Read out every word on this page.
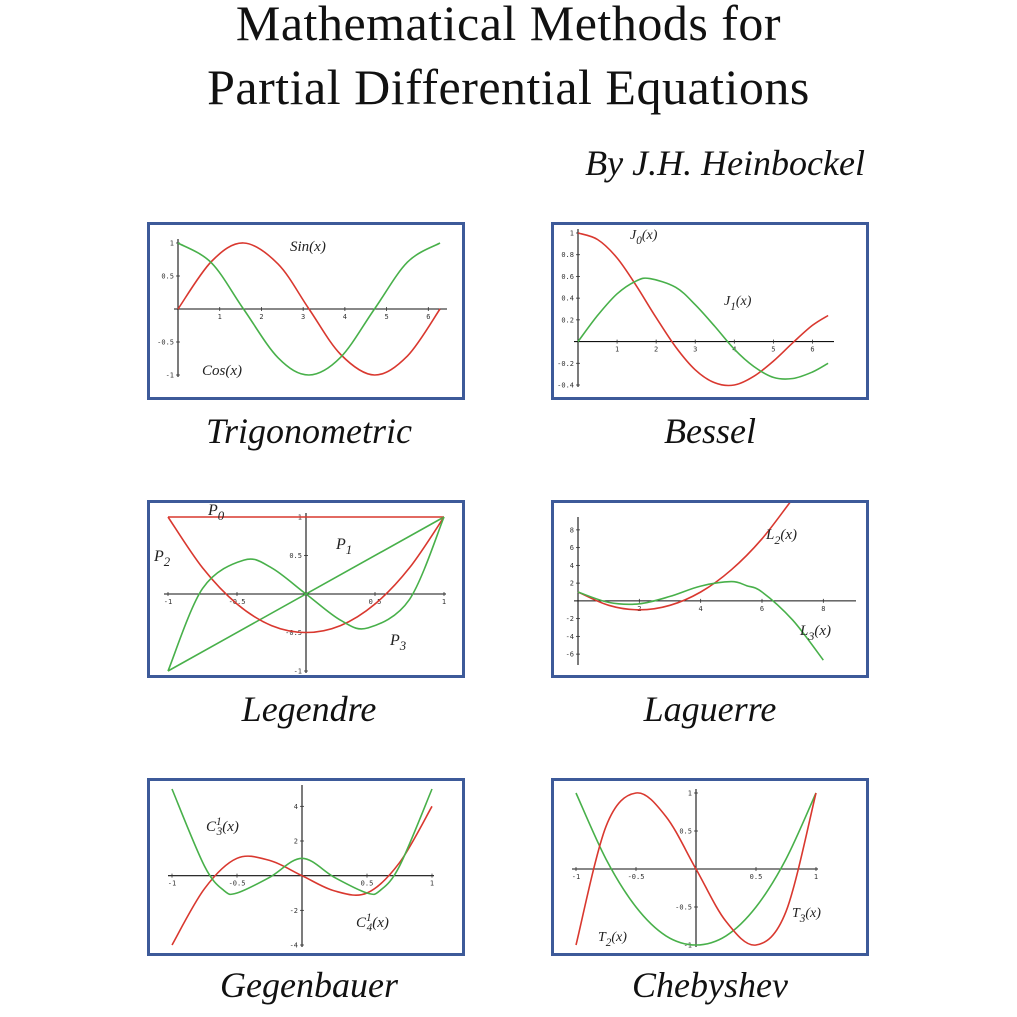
Mathematical Methods for
Partial Differential Equations
By J.H. Heinbockel
1	2	3	4	5	6
1
0.5
-0.5
-1
Sin(x)
Cos(x)
Trigonometric
1	2	3	4	5	6
1
0.8
0.6
0.4
0.2
-0.2
-0.4
$J_0(x)$
$J_1(x)$
Bessel
-1	-0.5	0.5	1
1
0.5
-0.5
-1
$P_0$
$P_1$
$P_2$
$P_3$
Legendre
2	4	6	8
8
6
4
2
-2
-4
-6
$L_2(x)$
$L_3(x)$
Laguerre
-1	-0.5	0.5	1
4
2
-2
-4
$C^1$ 3(x)
$C^1$ 4(x)
Gegenbauer
-1	-0.5	0.5	1
1
0.5
-0.5
-1
$T_2(x)$
$T_3(x)$
Chebyshev
